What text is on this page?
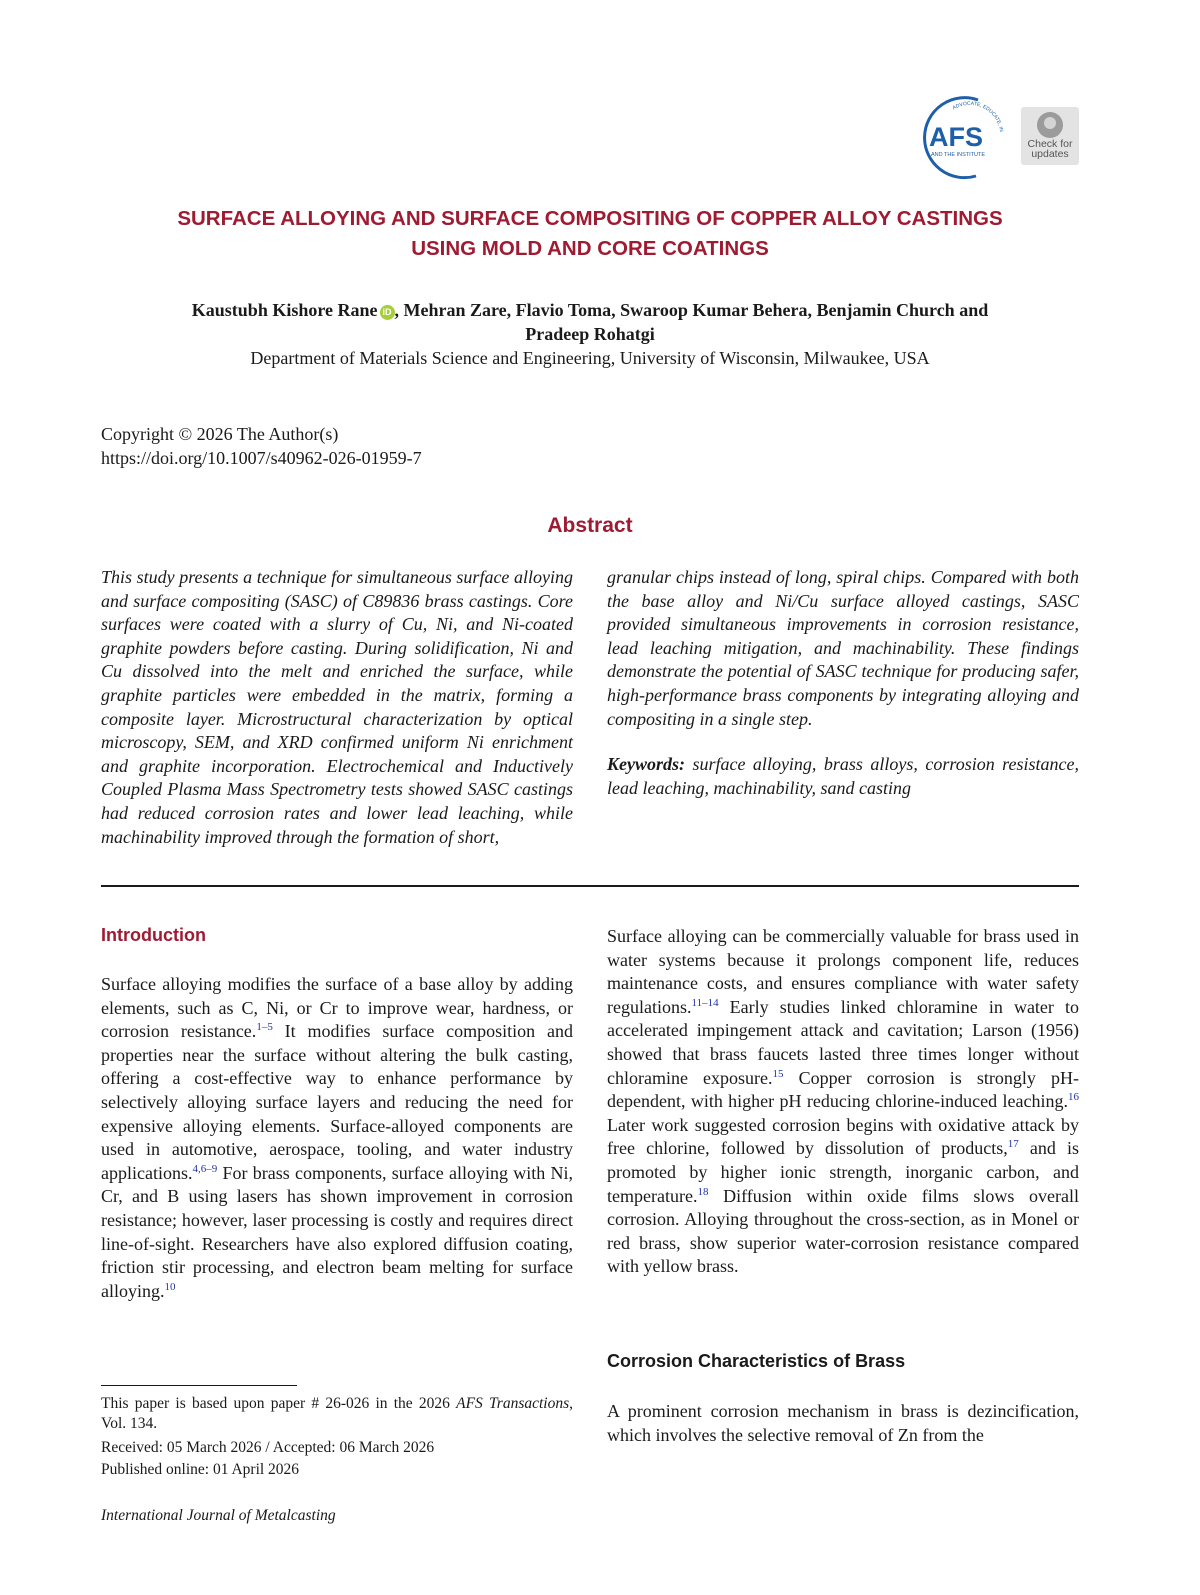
ADVOCATE, EDUCATE, IN
AFS
AND THE INSTITUTE
Check for
updates
SURFACE ALLOYING AND SURFACE COMPOSITING OF COPPER ALLOY CASTINGS
USING MOLD AND CORE COATINGS
Kaustubh Kishore Rane iD , Mehran Zare, Flavio Toma, Swaroop Kumar Behera, Benjamin Church and
Pradeep Rohatgi
Department of Materials Science and Engineering, University of Wisconsin, Milwaukee, USA
Copyright © 2026 The Author(s)
https://doi.org/10.1007/s40962-026-01959-7
Abstract
This study presents a technique for simultaneous surface alloying and surface compositing (SASC) of C89836 brass castings. Core surfaces were coated with a slurry of Cu, Ni, and Ni-coated graphite powders before casting. During solidification, Ni and Cu dissolved into the melt and enriched the surface, while graphite particles were embedded in the matrix, forming a composite layer. Microstructural characterization by optical microscopy, SEM, and XRD confirmed uniform Ni enrichment and graphite incorporation. Electrochemical and Inductively Coupled Plasma Mass Spectrometry tests showed SASC castings had reduced corrosion rates and lower lead leaching, while machinability improved through the formation of short,
granular chips instead of long, spiral chips. Compared with both the base alloy and Ni/Cu surface alloyed castings, SASC provided simultaneous improvements in corrosion resistance, lead leaching mitigation, and machinability. These findings demonstrate the potential of SASC technique for producing safer, high-performance brass components by integrating alloying and compositing in a single step.
Keywords: surface alloying, brass alloys, corrosion resistance, lead leaching, machinability, sand casting
Introduction
Surface alloying modifies the surface of a base alloy by adding elements, such as C, Ni, or Cr to improve wear, hardness, or corrosion resistance.$^{1-5}$ It modifies surface composition and properties near the surface without altering the bulk casting, offering a cost-effective way to enhance performance by selectively alloying surface layers and reducing the need for expensive alloying elements. Surface-alloyed components are used in automotive, aerospace, tooling, and water industry applications.$^{4,6-9}$ For brass components, surface alloying with Ni, Cr, and B using lasers has shown improvement in corrosion resistance; however, laser processing is costly and requires direct line-of-sight. Researchers have also explored diffusion coating, friction stir processing, and electron beam melting for surface alloying.$^{10}$
Surface alloying can be commercially valuable for brass used in water systems because it prolongs component life, reduces maintenance costs, and ensures compliance with water safety regulations.$^{11-14}$ Early studies linked chloramine in water to accelerated impingement attack and cavitation; Larson (1956) showed that brass faucets lasted three times longer without chloramine exposure.$^{15}$ Copper corrosion is strongly pH-dependent, with higher pH reducing chlorine-induced leaching.$^{16}$ Later work suggested corrosion begins with oxidative attack by free chlorine, followed by dissolution of products,$^{17}$ and is promoted by higher ionic strength, inorganic carbon, and temperature.$^{18}$ Diffusion within oxide films slows overall corrosion. Alloying throughout the cross-section, as in Monel or red brass, show superior water-corrosion resistance compared with yellow brass.
Corrosion Characteristics of Brass
A prominent corrosion mechanism in brass is dezincification, which involves the selective removal of Zn from the
This paper is based upon paper # 26-026 in the 2026 AFS Transactions, Vol. 134.
Received: 05 March 2026 / Accepted: 06 March 2026
Published online: 01 April 2026
International Journal of Metalcasting
